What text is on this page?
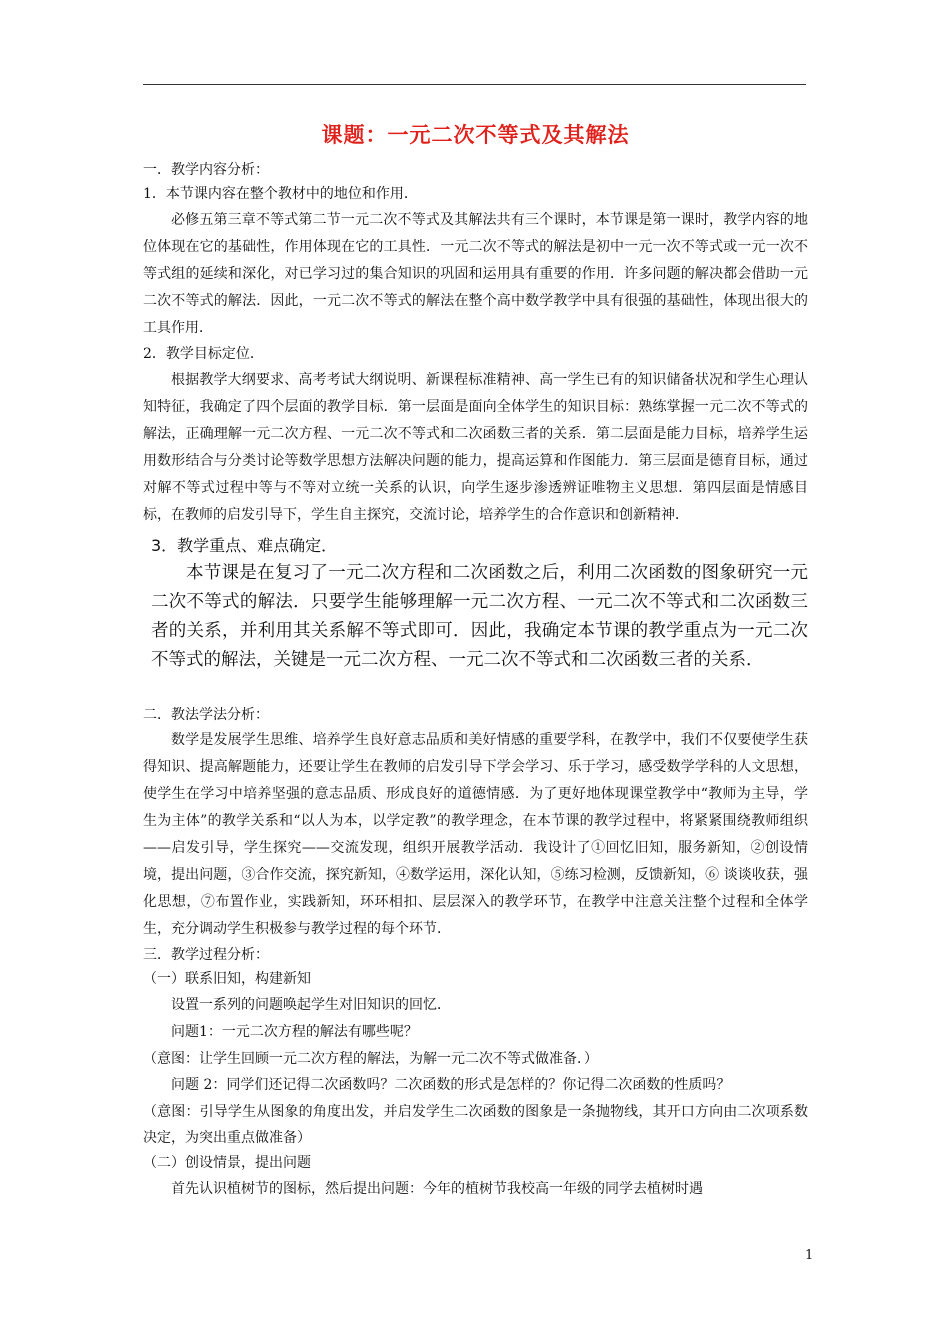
课题：一元二次不等式及其解法

一．教学内容分析：

1．本节课内容在整个教材中的地位和作用．

必修五第三章不等式第二节一元二次不等式及其解法共有三个课时，本节课是第一课时，教学内容的地位体现在它的基础性，作用体现在它的工具性．一元二次不等式的解法是初中一元一次不等式或一元一次不等式组的延续和深化，对已学习过的集合知识的巩固和运用具有重要的作用．许多问题的解决都会借助一元二次不等式的解法．因此，一元二次不等式的解法在整个高中数学教学中具有很强的基础性，体现出很大的工具作用．

2．教学目标定位．

根据教学大纲要求、高考考试大纲说明、新课程标准精神、高一学生已有的知识储备状况和学生心理认知特征，我确定了四个层面的教学目标．第一层面是面向全体学生的知识目标：熟练掌握一元二次不等式的解法，正确理解一元二次方程、一元二次不等式和二次函数三者的关系．第二层面是能力目标，培养学生运用数形结合与分类讨论等数学思想方法解决问题的能力，提高运算和作图能力．第三层面是德育目标，通过对解不等式过程中等与不等对立统一关系的认识，向学生逐步渗透辨证唯物主义思想．第四层面是情感目标，在教师的启发引导下，学生自主探究，交流讨论，培养学生的合作意识和创新精神．

3．教学重点、难点确定．

本节课是在复习了一元二次方程和二次函数之后，利用二次函数的图象研究一元二次不等式的解法．只要学生能够理解一元二次方程、一元二次不等式和二次函数三者的关系，并利用其关系解不等式即可．因此，我确定本节课的教学重点为一元二次不等式的解法，关键是一元二次方程、一元二次不等式和二次函数三者的关系．

二．教法学法分析：

数学是发展学生思维、培养学生良好意志品质和美好情感的重要学科，在教学中，我们不仅要使学生获得知识、提高解题能力，还要让学生在教师的启发引导下学会学习、乐于学习，感受数学学科的人文思想，使学生在学习中培养坚强的意志品质、形成良好的道德情感．为了更好地体现课堂教学中“教师为主导，学生为主体”的教学关系和“以人为本，以学定教”的教学理念，在本节课的教学过程中，将紧紧围绕教师组织——启发引导，学生探究——交流发现，组织开展教学活动．我设计了①回忆旧知，服务新知，②创设情境，提出问题，③合作交流，探究新知，④数学运用，深化认知，⑤练习检测，反馈新知，⑥ 谈谈收获，强化思想，⑦布置作业，实践新知，环环相扣、层层深入的教学环节，在教学中注意关注整个过程和全体学生，充分调动学生积极参与教学过程的每个环节．

三．教学过程分析：

（一）联系旧知，构建新知

设置一系列的问题唤起学生对旧知识的回忆．

问题1：一元二次方程的解法有哪些呢？

（意图：让学生回顾一元二次方程的解法，为解一元二次不等式做准备．）

问题 2：同学们还记得二次函数吗？二次函数的形式是怎样的？你记得二次函数的性质吗？

（意图：引导学生从图象的角度出发，并启发学生二次函数的图象是一条抛物线，其开口方向由二次项系数决定，为突出重点做准备）

（二）创设情景，提出问题

首先认识植树节的图标，然后提出问题：今年的植树节我校高一年级的同学去植树时遇

1
